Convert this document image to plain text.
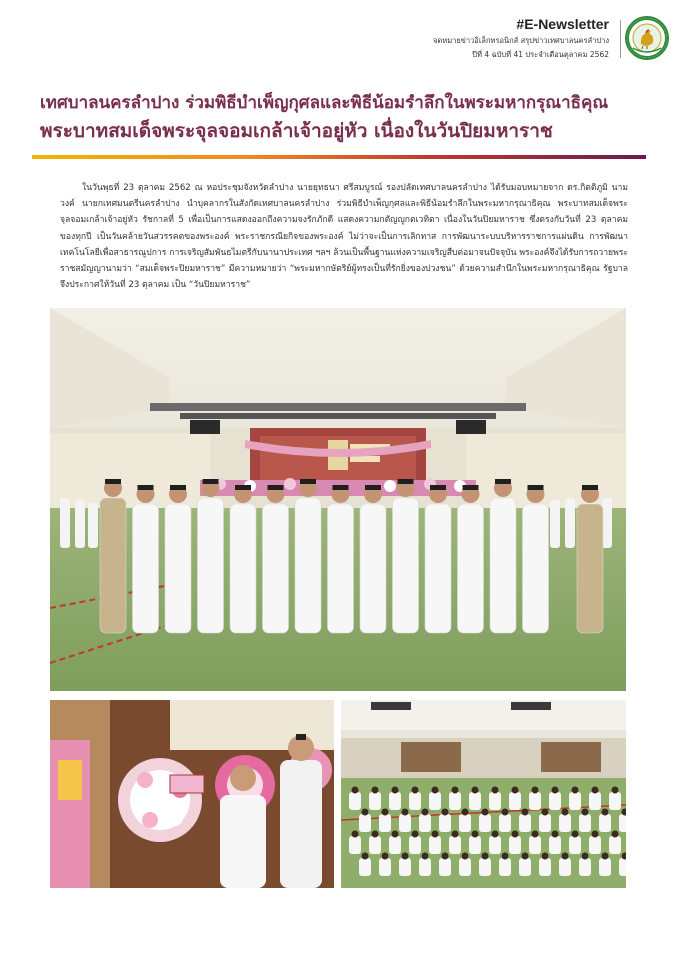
#E-Newsletter
จดหมายข่าวอิเล็กทรอนิกส์ สรุปข่าวเทศบาลนครลำปาง
ปีที่ 4 ฉบับที่ 41 ประจำเดือนตุลาคม 2562
เทศบาลนครลำปาง ร่วมพิธีบำเพ็ญกุศลและพิธีน้อมรำลึกในพระมหากรุณาธิคุณ
พระบาทสมเด็จพระจุลจอมเกล้าเจ้าอยู่หัว เนื่องในวันปิยมหาราช

ในวันพุธที่ 23 ตุลาคม 2562 ณ หอประชุมจังหวัดลำปาง นายยุทธนา ศรีสมบูรณ์ รองปลัดเทศบาลนครลำปาง ได้รับมอบหมายจาก ดร.กิตติภูมิ นามวงค์ นายกเทศมนตรีนครลำปาง นำบุคลากรในสังกัดเทศบาลนครลำปาง ร่วมพิธีบำเพ็ญกุศลและพิธีน้อมรำลึกในพระมหากรุณาธิคุณ พระบาทสมเด็จพระจุลจอมเกล้าเจ้าอยู่หัว รัชกาลที่ 5 เพื่อเป็นการแสดงออกถึงความจงรักภักดี แสดงความกตัญญูกตเวทิตา เนื่องในวันปิยมหาราช ซึ่งตรงกับวันที่ 23 ตุลาคมของทุกปี เป็นวันคล้ายวันสวรรคตของพระองค์ พระราชกรณียกิจของพระองค์ ไม่ว่าจะเป็นการเลิกทาส การพัฒนาระบบบริหารราชการแผ่นดิน การพัฒนาเทคโนโลยีเพื่อสาธารณูปการ การเจริญสัมพันธไมตรีกับนานาประเทศ ฯลฯ ล้วนเป็นพื้นฐานแห่งความเจริญสืบต่อมาจนปัจจุบัน พระองค์จึงได้รับการถวายพระราชสมัญญานามว่า “สมเด็จพระปิยมหาราช” มีความหมายว่า “พระมหากษัตริย์ผู้ทรงเป็นที่รักยิ่งของปวงชน” ด้วยความสำนึกในพระมหากรุณาธิคุณ รัฐบาลจึงประกาศให้วันที่ 23 ตุลาคม เป็น “วันปิยมหาราช”
